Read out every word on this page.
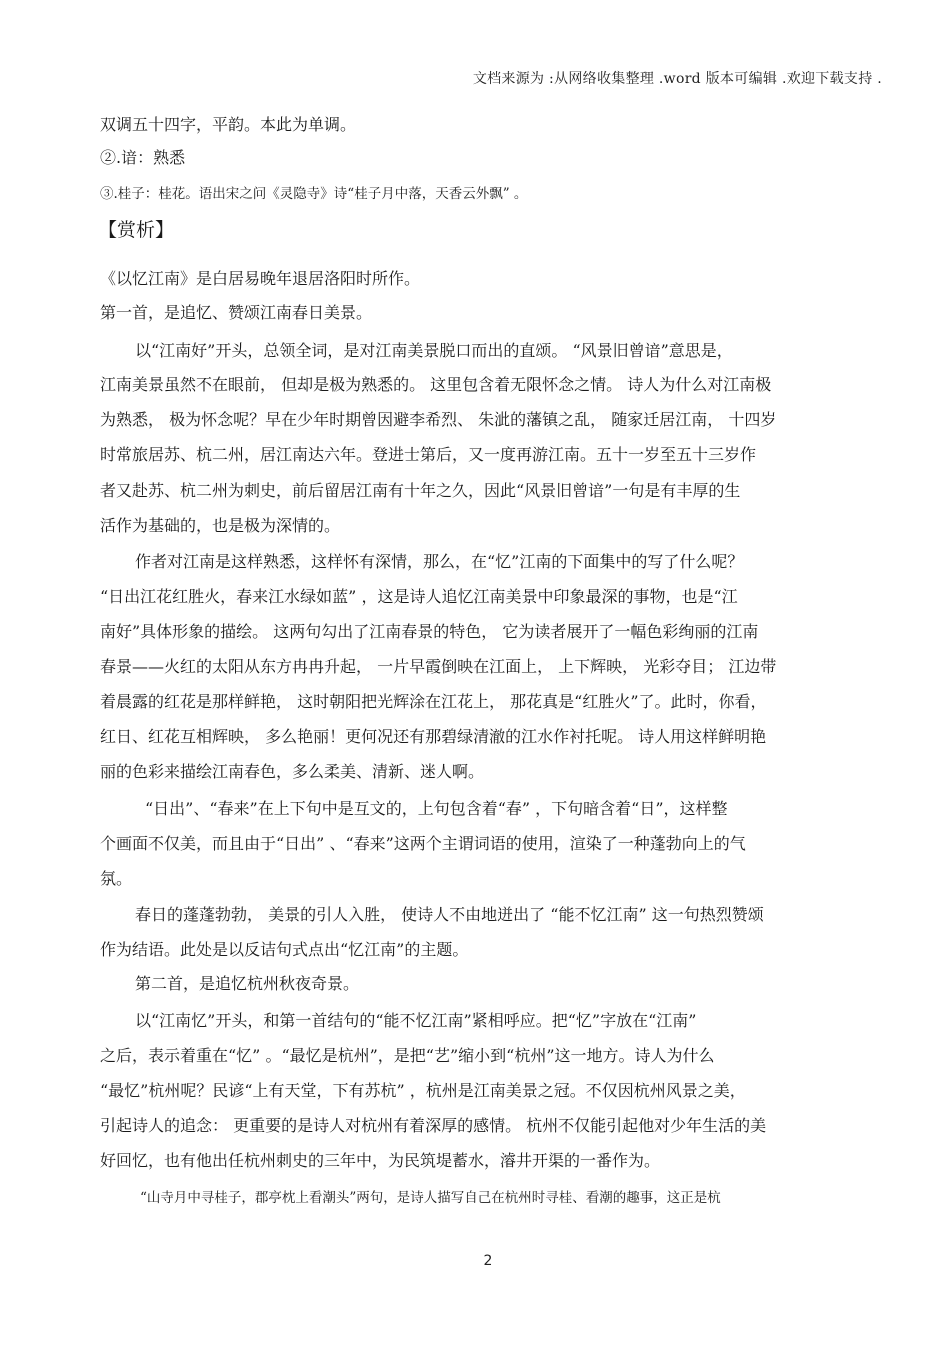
文档来源为 :从网络收集整理 .word 版本可编辑 .欢迎下载支持 .
双调五十四字，平韵。本此为单调。
②.谙：熟悉
③.桂子：桂花。语出宋之问《灵隐寺》诗“桂子月中落，天香云外飘” 。
【赏析】
《以忆江南》是白居易晚年退居洛阳时所作。
第一首，是追忆、赞颂江南春日美景。
以“江南好”开头，总领全词，是对江南美景脱口而出的直颂。 “风景旧曾谙”意思是，
江南美景虽然不在眼前， 但却是极为熟悉的。 这里包含着无限怀念之情。 诗人为什么对江南极
为熟悉， 极为怀念呢？早在少年时期曾因避李希烈、 朱泚的藩镇之乱， 随家迁居江南， 十四岁
时常旅居苏、杭二州，居江南达六年。登进士第后，又一度再游江南。五十一岁至五十三岁作
者又赴苏、杭二州为刺史，前后留居江南有十年之久，因此“风景旧曾谙”一句是有丰厚的生
活作为基础的，也是极为深情的。
作者对江南是这样熟悉，这样怀有深情，那么，在“忆”江南的下面集中的写了什么呢？
“日出江花红胜火，春来江水绿如蓝” ，这是诗人追忆江南美景中印象最深的事物，也是“江
南好”具体形象的描绘。 这两句勾出了江南春景的特色， 它为读者展开了一幅色彩绚丽的江南
春景——火红的太阳从东方冉冉升起， 一片早霞倒映在江面上， 上下辉映， 光彩夺目； 江边带
着晨露的红花是那样鲜艳， 这时朝阳把光辉涂在江花上， 那花真是“红胜火”了。此时，你看，
红日、红花互相辉映， 多么艳丽！更何况还有那碧绿清澈的江水作衬托呢。 诗人用这样鲜明艳
丽的色彩来描绘江南春色，多么柔美、清新、迷人啊。
“日出”、“春来”在上下句中是互文的，上句包含着“春” ，下句暗含着“日”，这样整
个画面不仅美，而且由于“日出” 、“春来”这两个主谓词语的使用，渲染了一种蓬勃向上的气
氛。
春日的蓬蓬勃勃， 美景的引人入胜， 使诗人不由地迸出了 “能不忆江南” 这一句热烈赞颂
作为结语。此处是以反诘句式点出“忆江南”的主题。
第二首，是追忆杭州秋夜奇景。
以“江南忆”开头，和第一首结句的“能不忆江南”紧相呼应。把“忆”字放在“江南”
之后，表示着重在“忆” 。“最忆是杭州”，是把“艺”缩小到“杭州”这一地方。诗人为什么
“最忆”杭州呢？民谚“上有天堂，下有苏杭” ，杭州是江南美景之冠。不仅因杭州风景之美，
引起诗人的追念： 更重要的是诗人对杭州有着深厚的感情。 杭州不仅能引起他对少年生活的美
好回忆，也有他出任杭州刺史的三年中，为民筑堤蓄水，濬井开渠的一番作为。
“山寺月中寻桂子，郡亭枕上看潮头”两句，是诗人描写自己在杭州时寻桂、看潮的趣事，这正是杭
2
